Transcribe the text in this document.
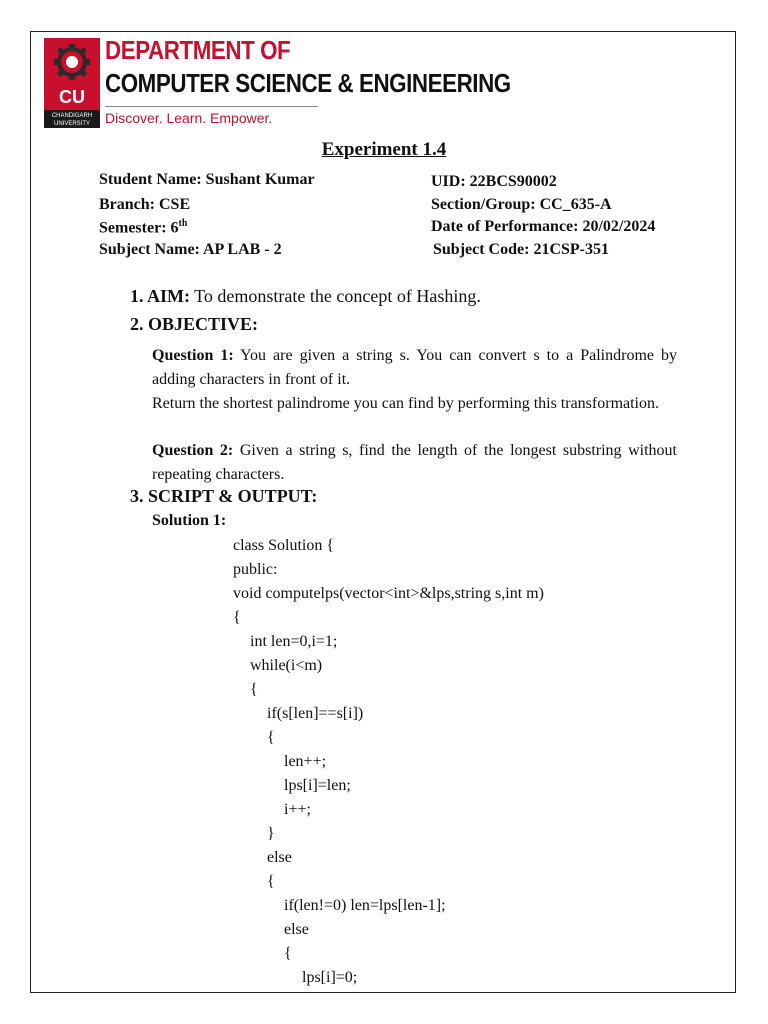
CU
CHANDIGARH
UNIVERSITY
DEPARTMENT OF
COMPUTER SCIENCE & ENGINEERING
Discover. Learn. Empower.
Experiment 1.4
Student Name: Sushant Kumar	UID: 22BCS90002
Branch: CSE	Section/Group: CC_635-A
Semester: 6th	Date of Performance: 20/02/2024
Subject Name: AP LAB - 2	Subject Code: 21CSP-351
1. AIM: To demonstrate the concept of Hashing.
2. OBJECTIVE:
Question 1: You are given a string s. You can convert s to a Palindrome by adding characters in front of it.
Return the shortest palindrome you can find by performing this transformation.
Question 2: Given a string s, find the length of the longest substring without repeating characters.
3. SCRIPT & OUTPUT:
Solution 1:
class Solution {
public:
void computelps(vector<int>&lps,string s,int m)
{
int len=0,i=1;
while(i<m)
{
if(s[len]==s[i])
{
len++;
lps[i]=len;
i++;
}
else
{
if(len!=0) len=lps[len-1];
else
{
lps[i]=0;
